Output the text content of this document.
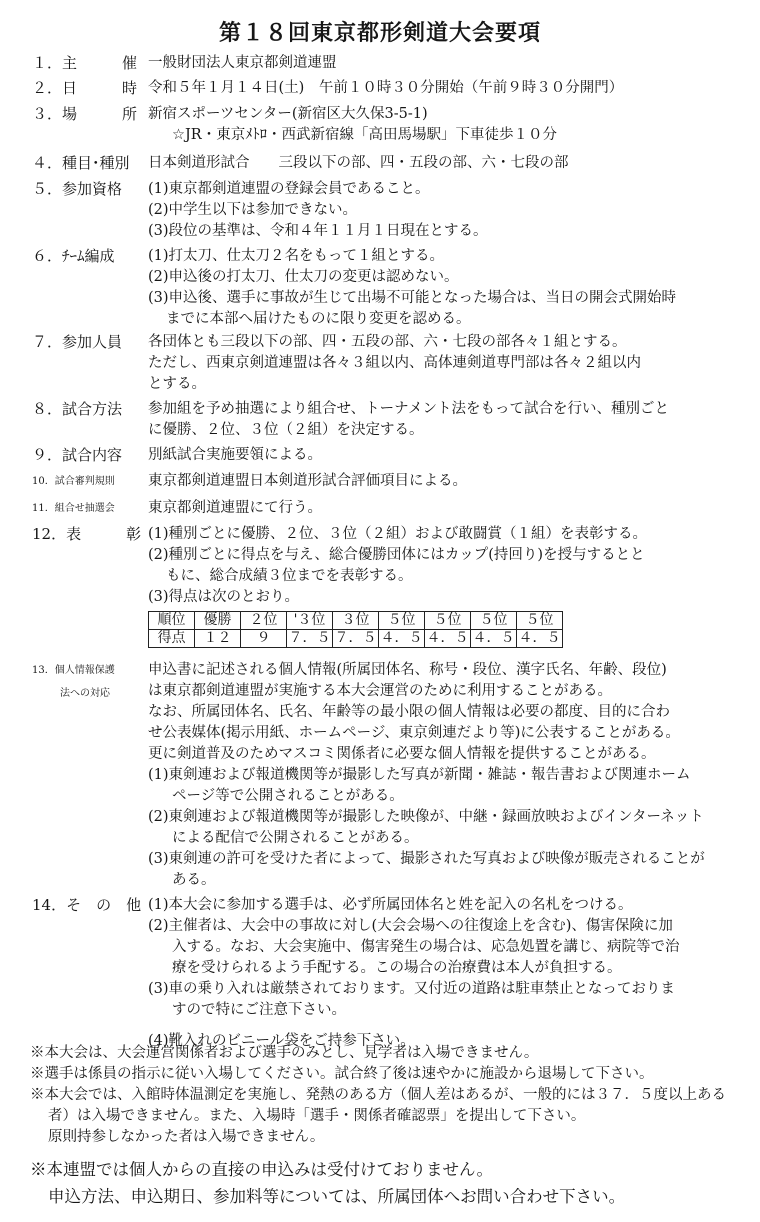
第１８回東京都形剣道大会要項
１．主　　　催 一般財団法人東京都剣道連盟
２．日　　　時 令和５年１月１４日(土)　午前１０時３０分開始（午前９時３０分開門）
３．場　　　所 新宿スポーツセンター(新宿区大久保3-5-1)
☆JR・東京ﾒﾄﾛ・西武新宿線「高田馬場駅」下車徒歩１０分
４．種目･種別	日本剣道形試合　　三段以下の部、四・五段の部、六・七段の部
５．参加資格	(1)東京都剣道連盟の登録会員であること。
(2)中学生以下は参加できない。
(3)段位の基準は、令和４年１１月１日現在とする。
６．ﾁｰﾑ編成	(1)打太刀、仕太刀２名をもって１組とする。
(2)申込後の打太刀、仕太刀の変更は認めない。
(3)申込後、選手に事故が生じて出場不可能となった場合は、当日の開会式開始時
までに本部へ届けたものに限り変更を認める。
７．参加人員	各団体とも三段以下の部、四・五段の部、六・七段の部各々１組とする。
ただし、西東京剣道連盟は各々３組以内、高体連剣道専門部は各々２組以内
とする。
８．試合方法	参加組を予め抽選により組合せ、トーナメント法をもって試合を行い、種別ごと
に優勝、２位、３位（２組）を決定する。
９．試合内容	別紙試合実施要領による。
10．試合審判規則	東京都剣道連盟日本剣道形試合評価項目による。
11．組合せ抽選会	東京都剣道連盟にて行う。
12．表　　　彰 (1)種別ごとに優勝、２位、３位（２組）および敢闘賞（１組）を表彰する。
(2)種別ごとに得点を与え、総合優勝団体にはカップ(持回り)を授与するとと
もに、総合成績３位までを表彰する。
(3)得点は次のとおり。
順位	優勝	２位	'３位	３位	５位	５位	５位	５位
得点	１２	９	７．５	７．５	４．５	４．５	４．５	４．５
13．個人情報保護
法への対応
申込書に記述される個人情報(所属団体名、称号・段位、漢字氏名、年齢、段位)
は東京都剣道連盟が実施する本大会運営のために利用することがある。
なお、所属団体名、氏名、年齢等の最小限の個人情報は必要の都度、目的に合わ
せ公表媒体(掲示用紙、ホームページ、東京剣連だより等)に公表することがある。
更に剣道普及のためマスコミ関係者に必要な個人情報を提供することがある。
(1)東剣連および報道機関等が撮影した写真が新聞・雑誌・報告書および関連ホーム
ページ等で公開されることがある。
(2)東剣連および報道機関等が撮影した映像が、中継・録画放映およびインターネット
による配信で公開されることがある。
(3)東剣連の許可を受けた者によって、撮影された写真および映像が販売されることが
ある。
14．そ　の　他 (1)本大会に参加する選手は、必ず所属団体名と姓を記入の名札をつける。
(2)主催者は、大会中の事故に対し(大会会場への往復途上を含む)、傷害保険に加
入する。なお、大会実施中、傷害発生の場合は、応急処置を講じ、病院等で治
療を受けられるよう手配する。この場合の治療費は本人が負担する。
(3)車の乗り入れは厳禁されております。又付近の道路は駐車禁止となっておりま
すので特にご注意下さい。
(4)靴入れのビニール袋をご持参下さい。
※本大会は、大会運営関係者および選手のみとし、見学者は入場できません。
※選手は係員の指示に従い入場してください。試合終了後は速やかに施設から退場して下さい。
※本大会では、入館時体温測定を実施し、発熱のある方（個人差はあるが、一般的には３７．５度以上ある
者）は入場できません。また、入場時「選手・関係者確認票」を提出して下さい。
原則持参しなかった者は入場できません。
※本連盟では個人からの直接の申込みは受付けておりません。
申込方法、申込期日、参加料等については、所属団体へお問い合わせ下さい。
